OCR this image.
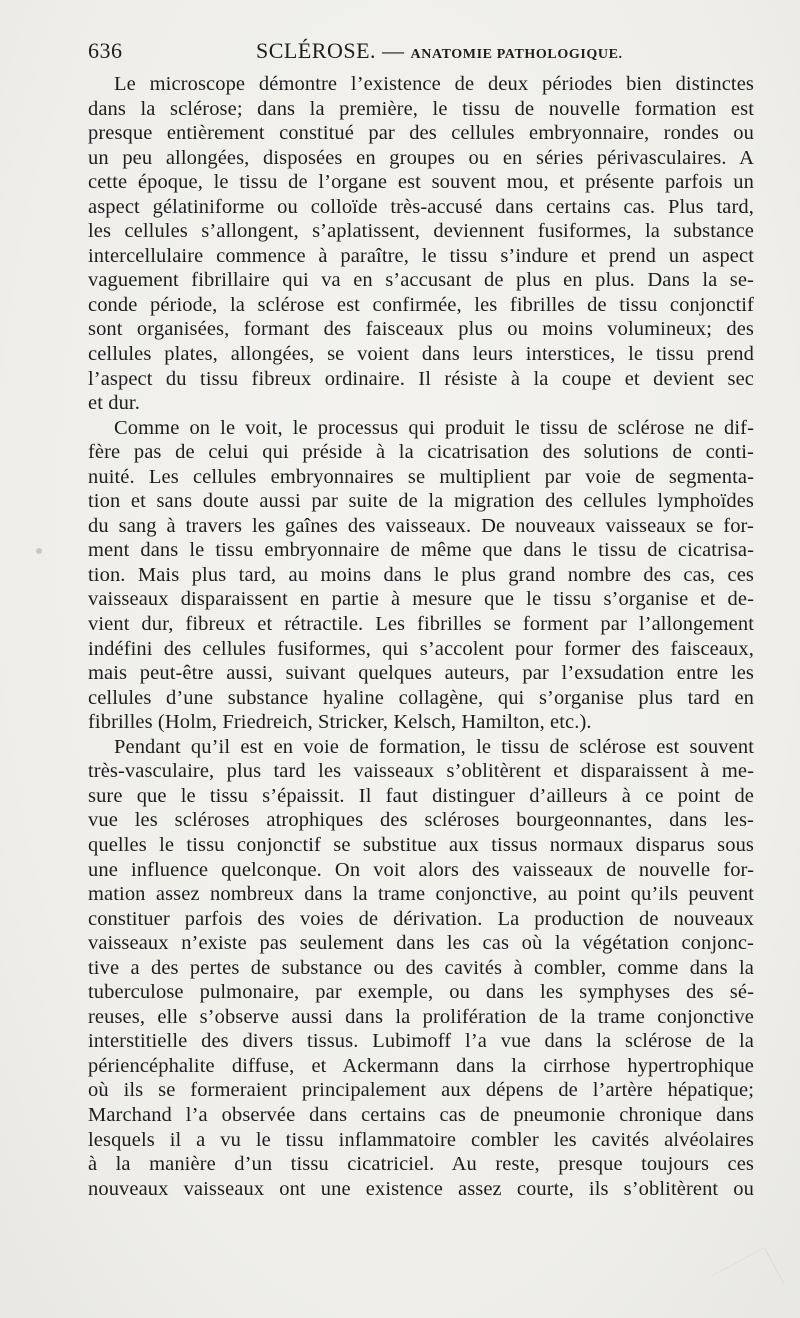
636	SCLÉROSE. — ANATOMIE PATHOLOGIQUE.
Le microscope démontre l’existence de deux périodes bien distinctes
dans la sclérose; dans la première, le tissu de nouvelle formation est
presque entièrement constitué par des cellules embryonnaire, rondes ou
un peu allongées, disposées en groupes ou en séries périvasculaires. A
cette époque, le tissu de l’organe est souvent mou, et présente parfois un
aspect gélatiniforme ou colloïde très-accusé dans certains cas. Plus tard,
les cellules s’allongent, s’aplatissent, deviennent fusiformes, la substance
intercellulaire commence à paraître, le tissu s’indure et prend un aspect
vaguement fibrillaire qui va en s’accusant de plus en plus. Dans la se-
conde période, la sclérose est confirmée, les fibrilles de tissu conjonctif
sont organisées, formant des faisceaux plus ou moins volumineux; des
cellules plates, allongées, se voient dans leurs interstices, le tissu prend
l’aspect du tissu fibreux ordinaire. Il résiste à la coupe et devient sec
et dur.
Comme on le voit, le processus qui produit le tissu de sclérose ne dif-
fère pas de celui qui préside à la cicatrisation des solutions de conti-
nuité. Les cellules embryonnaires se multiplient par voie de segmenta-
tion et sans doute aussi par suite de la migration des cellules lymphoïdes
du sang à travers les gaînes des vaisseaux. De nouveaux vaisseaux se for-
ment dans le tissu embryonnaire de même que dans le tissu de cicatrisa-
tion. Mais plus tard, au moins dans le plus grand nombre des cas, ces
vaisseaux disparaissent en partie à mesure que le tissu s’organise et de-
vient dur, fibreux et rétractile. Les fibrilles se forment par l’allongement
indéfini des cellules fusiformes, qui s’accolent pour former des faisceaux,
mais peut-être aussi, suivant quelques auteurs, par l’exsudation entre les
cellules d’une substance hyaline collagène, qui s’organise plus tard en
fibrilles (Holm, Friedreich, Stricker, Kelsch, Hamilton, etc.).
Pendant qu’il est en voie de formation, le tissu de sclérose est souvent
très-vasculaire, plus tard les vaisseaux s’oblitèrent et disparaissent à me-
sure que le tissu s’épaissit. Il faut distinguer d’ailleurs à ce point de
vue les scléroses atrophiques des scléroses bourgeonnantes, dans les-
quelles le tissu conjonctif se substitue aux tissus normaux disparus sous
une influence quelconque. On voit alors des vaisseaux de nouvelle for-
mation assez nombreux dans la trame conjonctive, au point qu’ils peuvent
constituer parfois des voies de dérivation. La production de nouveaux
vaisseaux n’existe pas seulement dans les cas où la végétation conjonc-
tive a des pertes de substance ou des cavités à combler, comme dans la
tuberculose pulmonaire, par exemple, ou dans les symphyses des sé-
reuses, elle s’observe aussi dans la prolifération de la trame conjonctive
interstitielle des divers tissus. Lubimoff l’a vue dans la sclérose de la
périencéphalite diffuse, et Ackermann dans la cirrhose hypertrophique
où ils se formeraient principalement aux dépens de l’artère hépatique;
Marchand l’a observée dans certains cas de pneumonie chronique dans
lesquels il a vu le tissu inflammatoire combler les cavités alvéolaires
à la manière d’un tissu cicatriciel. Au reste, presque toujours ces
nouveaux vaisseaux ont une existence assez courte, ils s’oblitèrent ou
